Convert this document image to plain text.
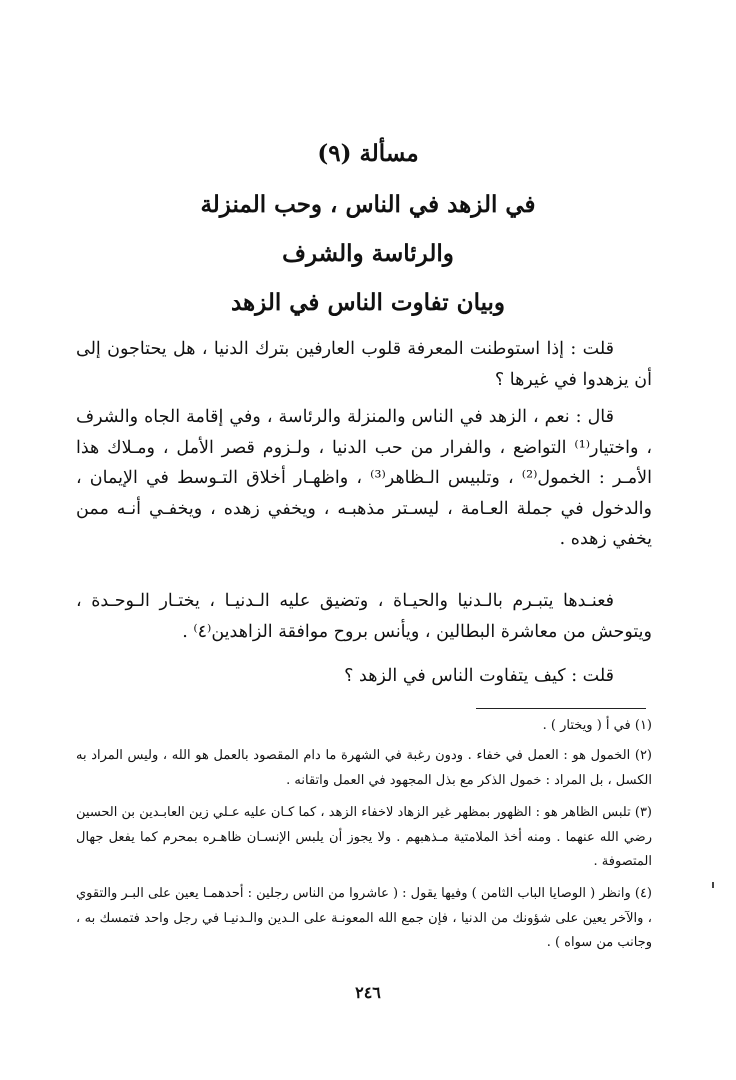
مسألة (٩)
في الزهد في الناس ، وحب المنزلة
والرئاسة والشرف
وبيان تفاوت الناس في الزهد
قلت : إذا استوطنت المعرفة قلوب العارفين بترك الدنيا ، هل يحتاجون إلى أن يزهدوا في غيرها ؟
قال : نعم ، الزهد في الناس والمنزلة والرئاسة ، وفي إقامة الجاه والشرف ، واختيار⁽¹⁾ التواضع ، والفرار من حب الدنيا ، ولـزوم قصر الأمل ، ومـلاك هذا الأمـر : الخمول⁽²⁾ ، وتلبيس الـظاهر⁽³⁾ ، واظهـار أخلاق التـوسط في الإيمان ، والدخول في جملة العـامة ، ليسـتر مذهبـه ، ويخفي زهده ، ويخفـي أنـه ممن يخفي زهده .
فعنـدها يتبـرم بالـدنيا والحيـاة ، وتضيق عليه الـدنيـا ، يختـار الـوحـدة ، ويتوحش من معاشرة البطالين ، ويأنس بروح موافقة الزاهدين⁽٤⁾ .
قلت : كيف يتفاوت الناس في الزهد ؟
(١) في أ ( ويختار ) .
(٢) الخمول هو : العمل في خفاء . ودون رغبة في الشهرة ما دام المقصود بالعمل هو الله ، وليس المراد به الكسل ، بل المراد : خمول الذكر مع بذل المجهود في العمل واتقانه .
(٣) تلبس الظاهر هو : الظهور بمظهر غير الزهاد لاخفاء الزهد ، كما كـان عليه عـلي زين العابـدين بن الحسين رضي الله عنهما . ومنه أخذ الملامتية مـذهبهم . ولا يجوز أن يلبس الإنسـان ظاهـره بمحرم كما يفعل جهال المتصوفة .
(٤) وانظر ( الوصايا الباب الثامن ) وفيها يقول : ( عاشروا من الناس رجلين : أحدهمـا يعين على البـر والتقوي ، والآخر يعين على شؤونك من الدنيا ، فإن جمع الله المعونـة على الـدين والـدنيـا في رجل واحد فتمسك به ، وجانب من سواه ) .
٢٤٦
